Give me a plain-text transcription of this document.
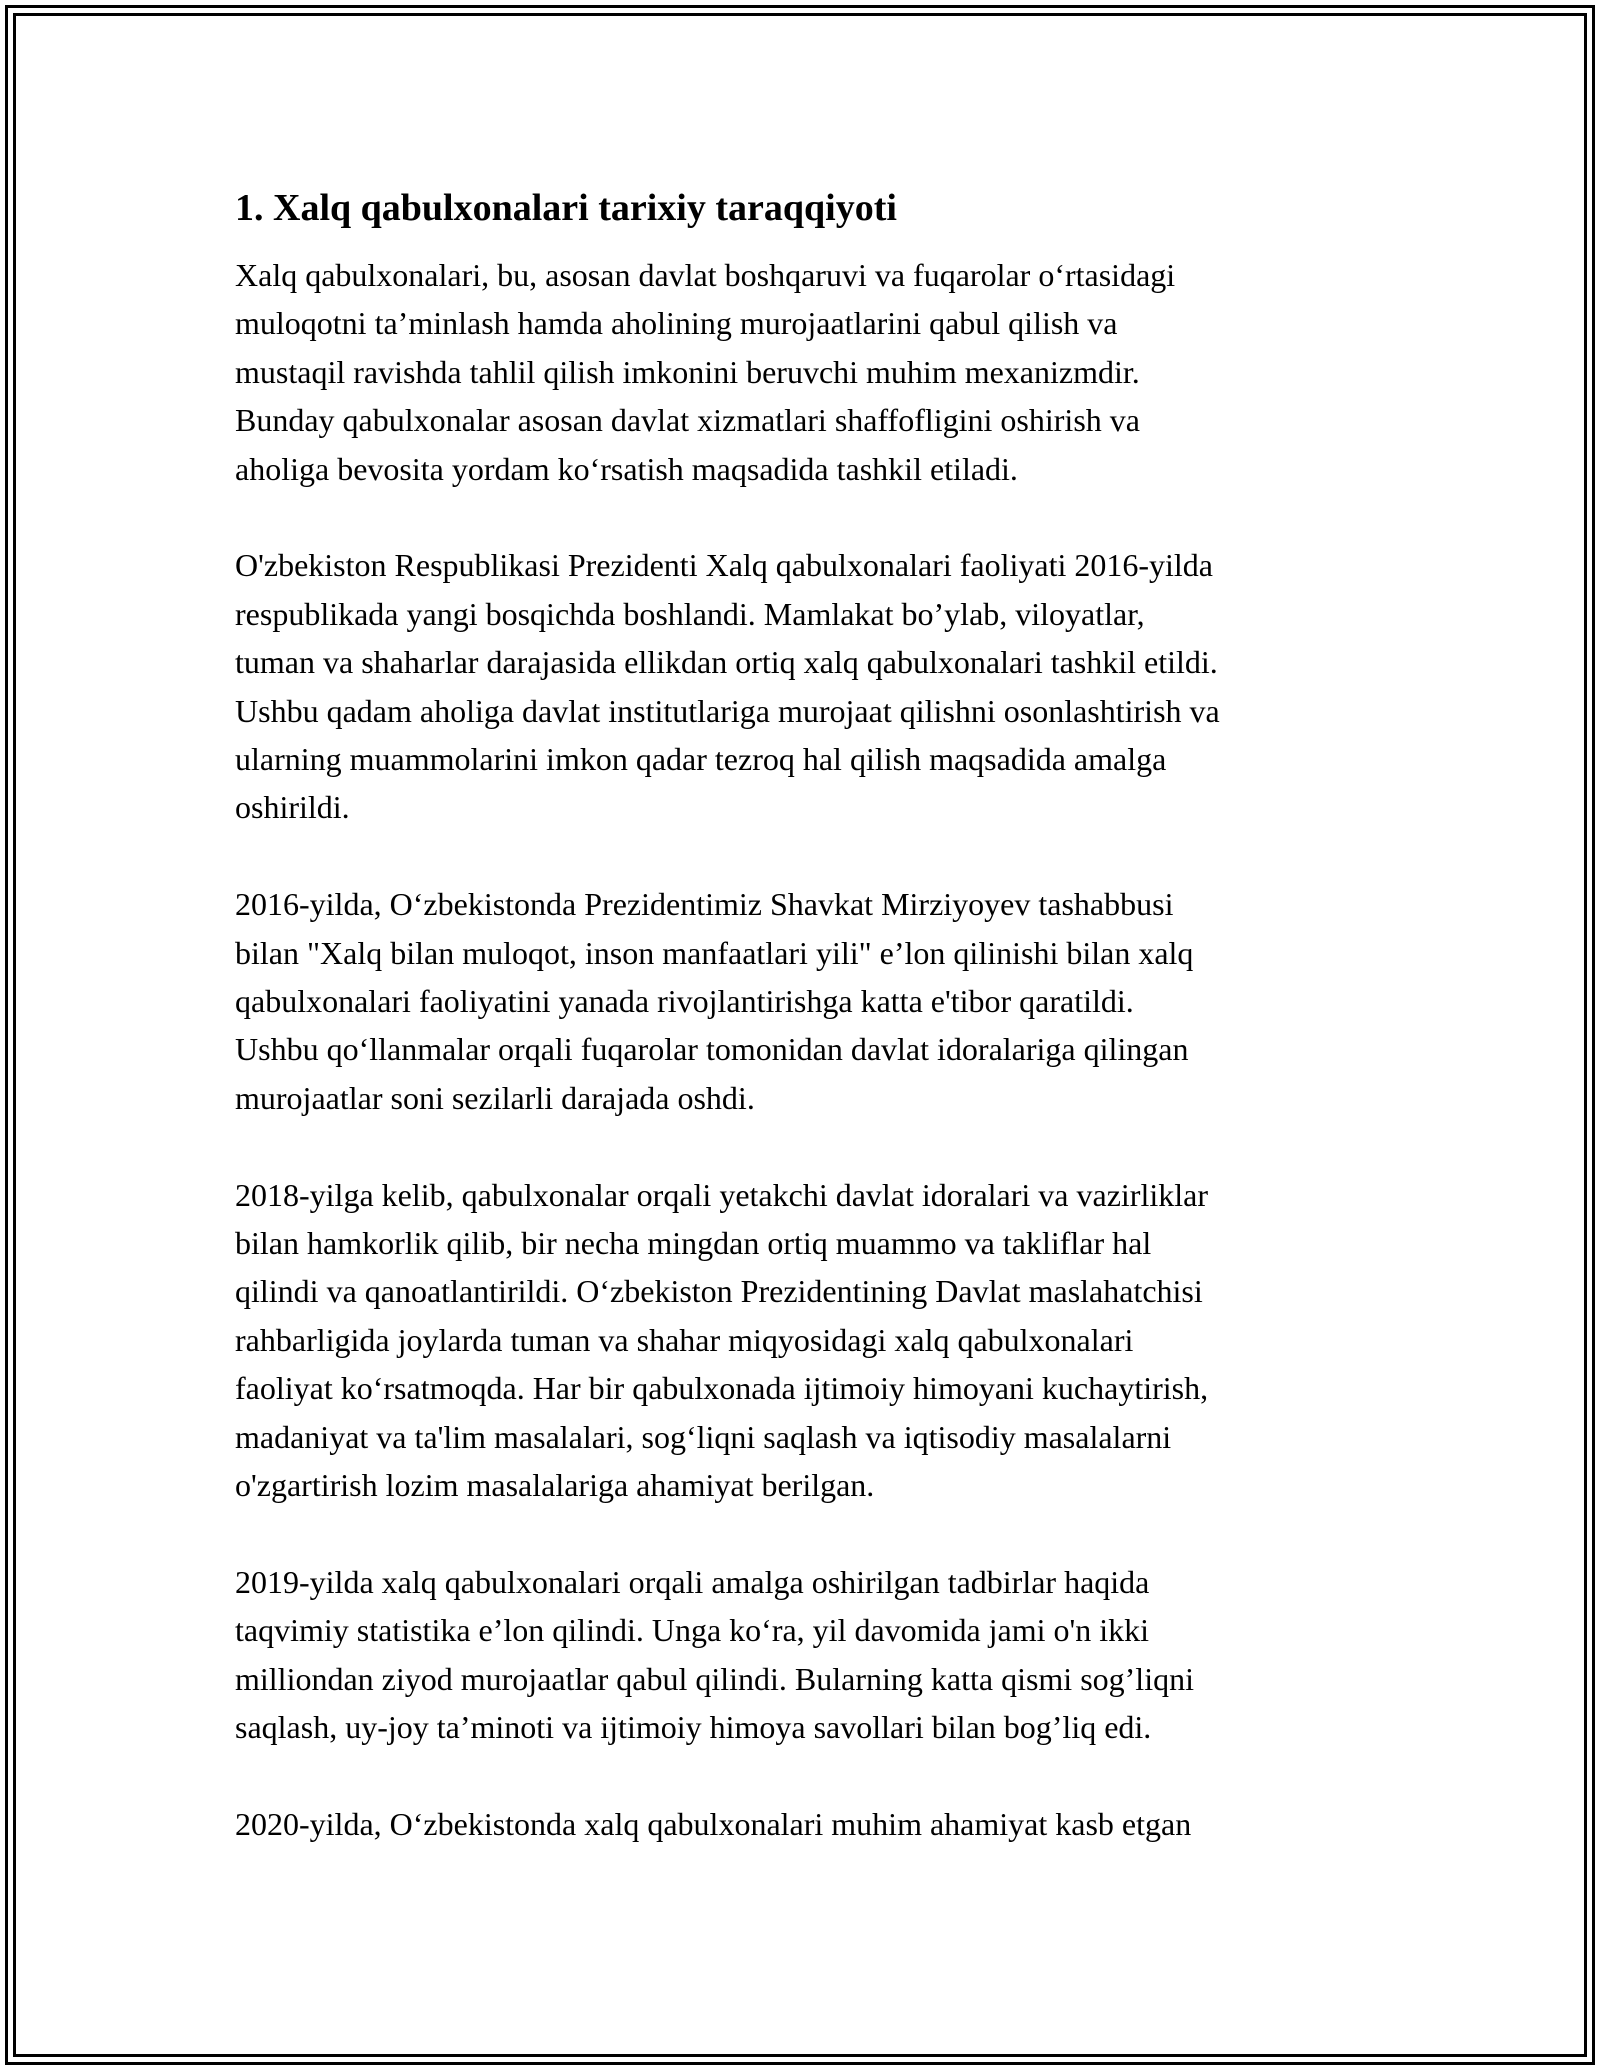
1. Xalq qabulxonalari tarixiy taraqqiyoti

Xalq qabulxonalari, bu, asosan davlat boshqaruvi va fuqarolar o‘rtasidagi
muloqotni ta’minlash hamda aholining murojaatlarini qabul qilish va
mustaqil ravishda tahlil qilish imkonini beruvchi muhim mexanizmdir.
Bunday qabulxonalar asosan davlat xizmatlari shaffofligini oshirish va
aholiga bevosita yordam ko‘rsatish maqsadida tashkil etiladi.

O'zbekiston Respublikasi Prezidenti Xalq qabulxonalari faoliyati 2016-yilda
respublikada yangi bosqichda boshlandi. Mamlakat bo’ylab, viloyatlar,
tuman va shaharlar darajasida ellikdan ortiq xalq qabulxonalari tashkil etildi.
Ushbu qadam aholiga davlat institutlariga murojaat qilishni osonlashtirish va
ularning muammolarini imkon qadar tezroq hal qilish maqsadida amalga
oshirildi.

2016-yilda, O‘zbekistonda Prezidentimiz Shavkat Mirziyoyev tashabbusi
bilan "Xalq bilan muloqot, inson manfaatlari yili" e’lon qilinishi bilan xalq
qabulxonalari faoliyatini yanada rivojlantirishga katta e'tibor qaratildi.
Ushbu qo‘llanmalar orqali fuqarolar tomonidan davlat idoralariga qilingan
murojaatlar soni sezilarli darajada oshdi.

2018-yilga kelib, qabulxonalar orqali yetakchi davlat idoralari va vazirliklar
bilan hamkorlik qilib, bir necha mingdan ortiq muammo va takliflar hal
qilindi va qanoatlantirildi. O‘zbekiston Prezidentining Davlat maslahatchisi
rahbarligida joylarda tuman va shahar miqyosidagi xalq qabulxonalari
faoliyat ko‘rsatmoqda. Har bir qabulxonada ijtimoiy himoyani kuchaytirish,
madaniyat va ta'lim masalalari, sog‘liqni saqlash va iqtisodiy masalalarni
o'zgartirish lozim masalalariga ahamiyat berilgan.

2019-yilda xalq qabulxonalari orqali amalga oshirilgan tadbirlar haqida
taqvimiy statistika e’lon qilindi. Unga ko‘ra, yil davomida jami o'n ikki
milliondan ziyod murojaatlar qabul qilindi. Bularning katta qismi sog’liqni
saqlash, uy-joy ta’minoti va ijtimoiy himoya savollari bilan bog’liq edi.

2020-yilda, O‘zbekistonda xalq qabulxonalari muhim ahamiyat kasb etgan
